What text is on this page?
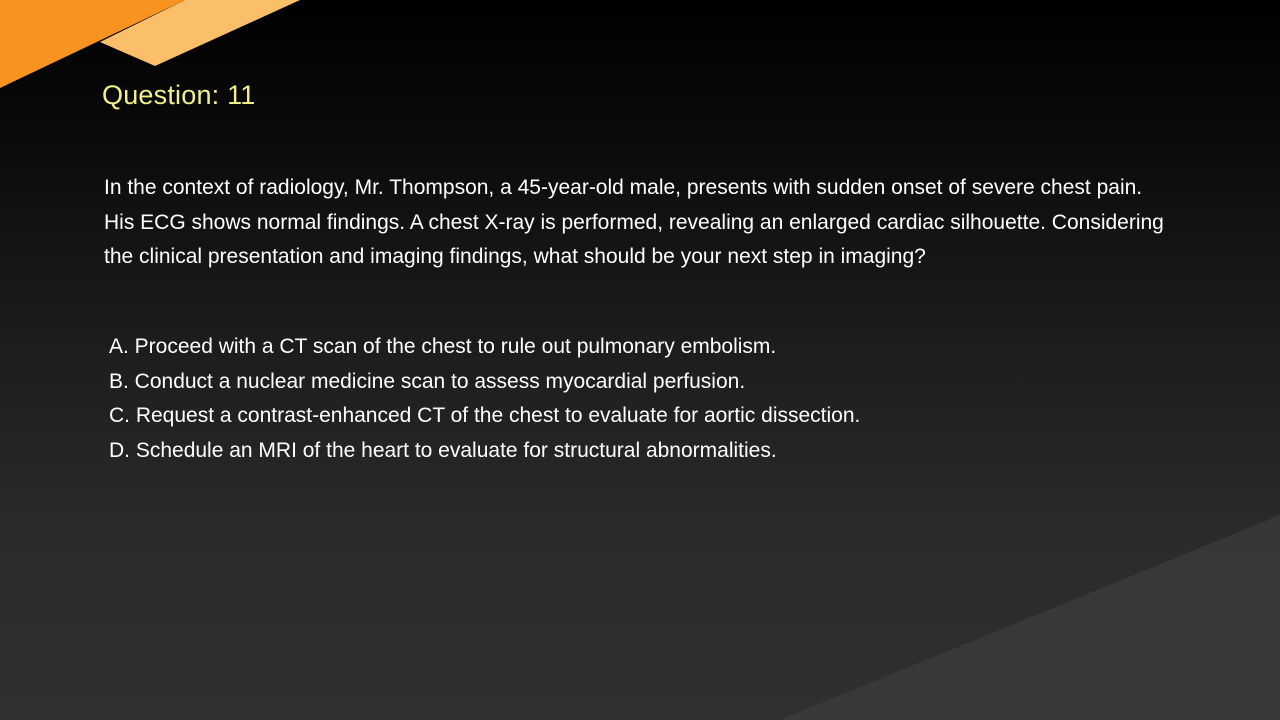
Question: 11
In the context of radiology, Mr. Thompson, a 45-year-old male, presents with sudden onset of severe chest pain. His ECG shows normal findings. A chest X-ray is performed, revealing an enlarged cardiac silhouette. Considering the clinical presentation and imaging findings, what should be your next step in imaging?
A. Proceed with a CT scan of the chest to rule out pulmonary embolism.
B. Conduct a nuclear medicine scan to assess myocardial perfusion.
C. Request a contrast-enhanced CT of the chest to evaluate for aortic dissection.
D. Schedule an MRI of the heart to evaluate for structural abnormalities.
